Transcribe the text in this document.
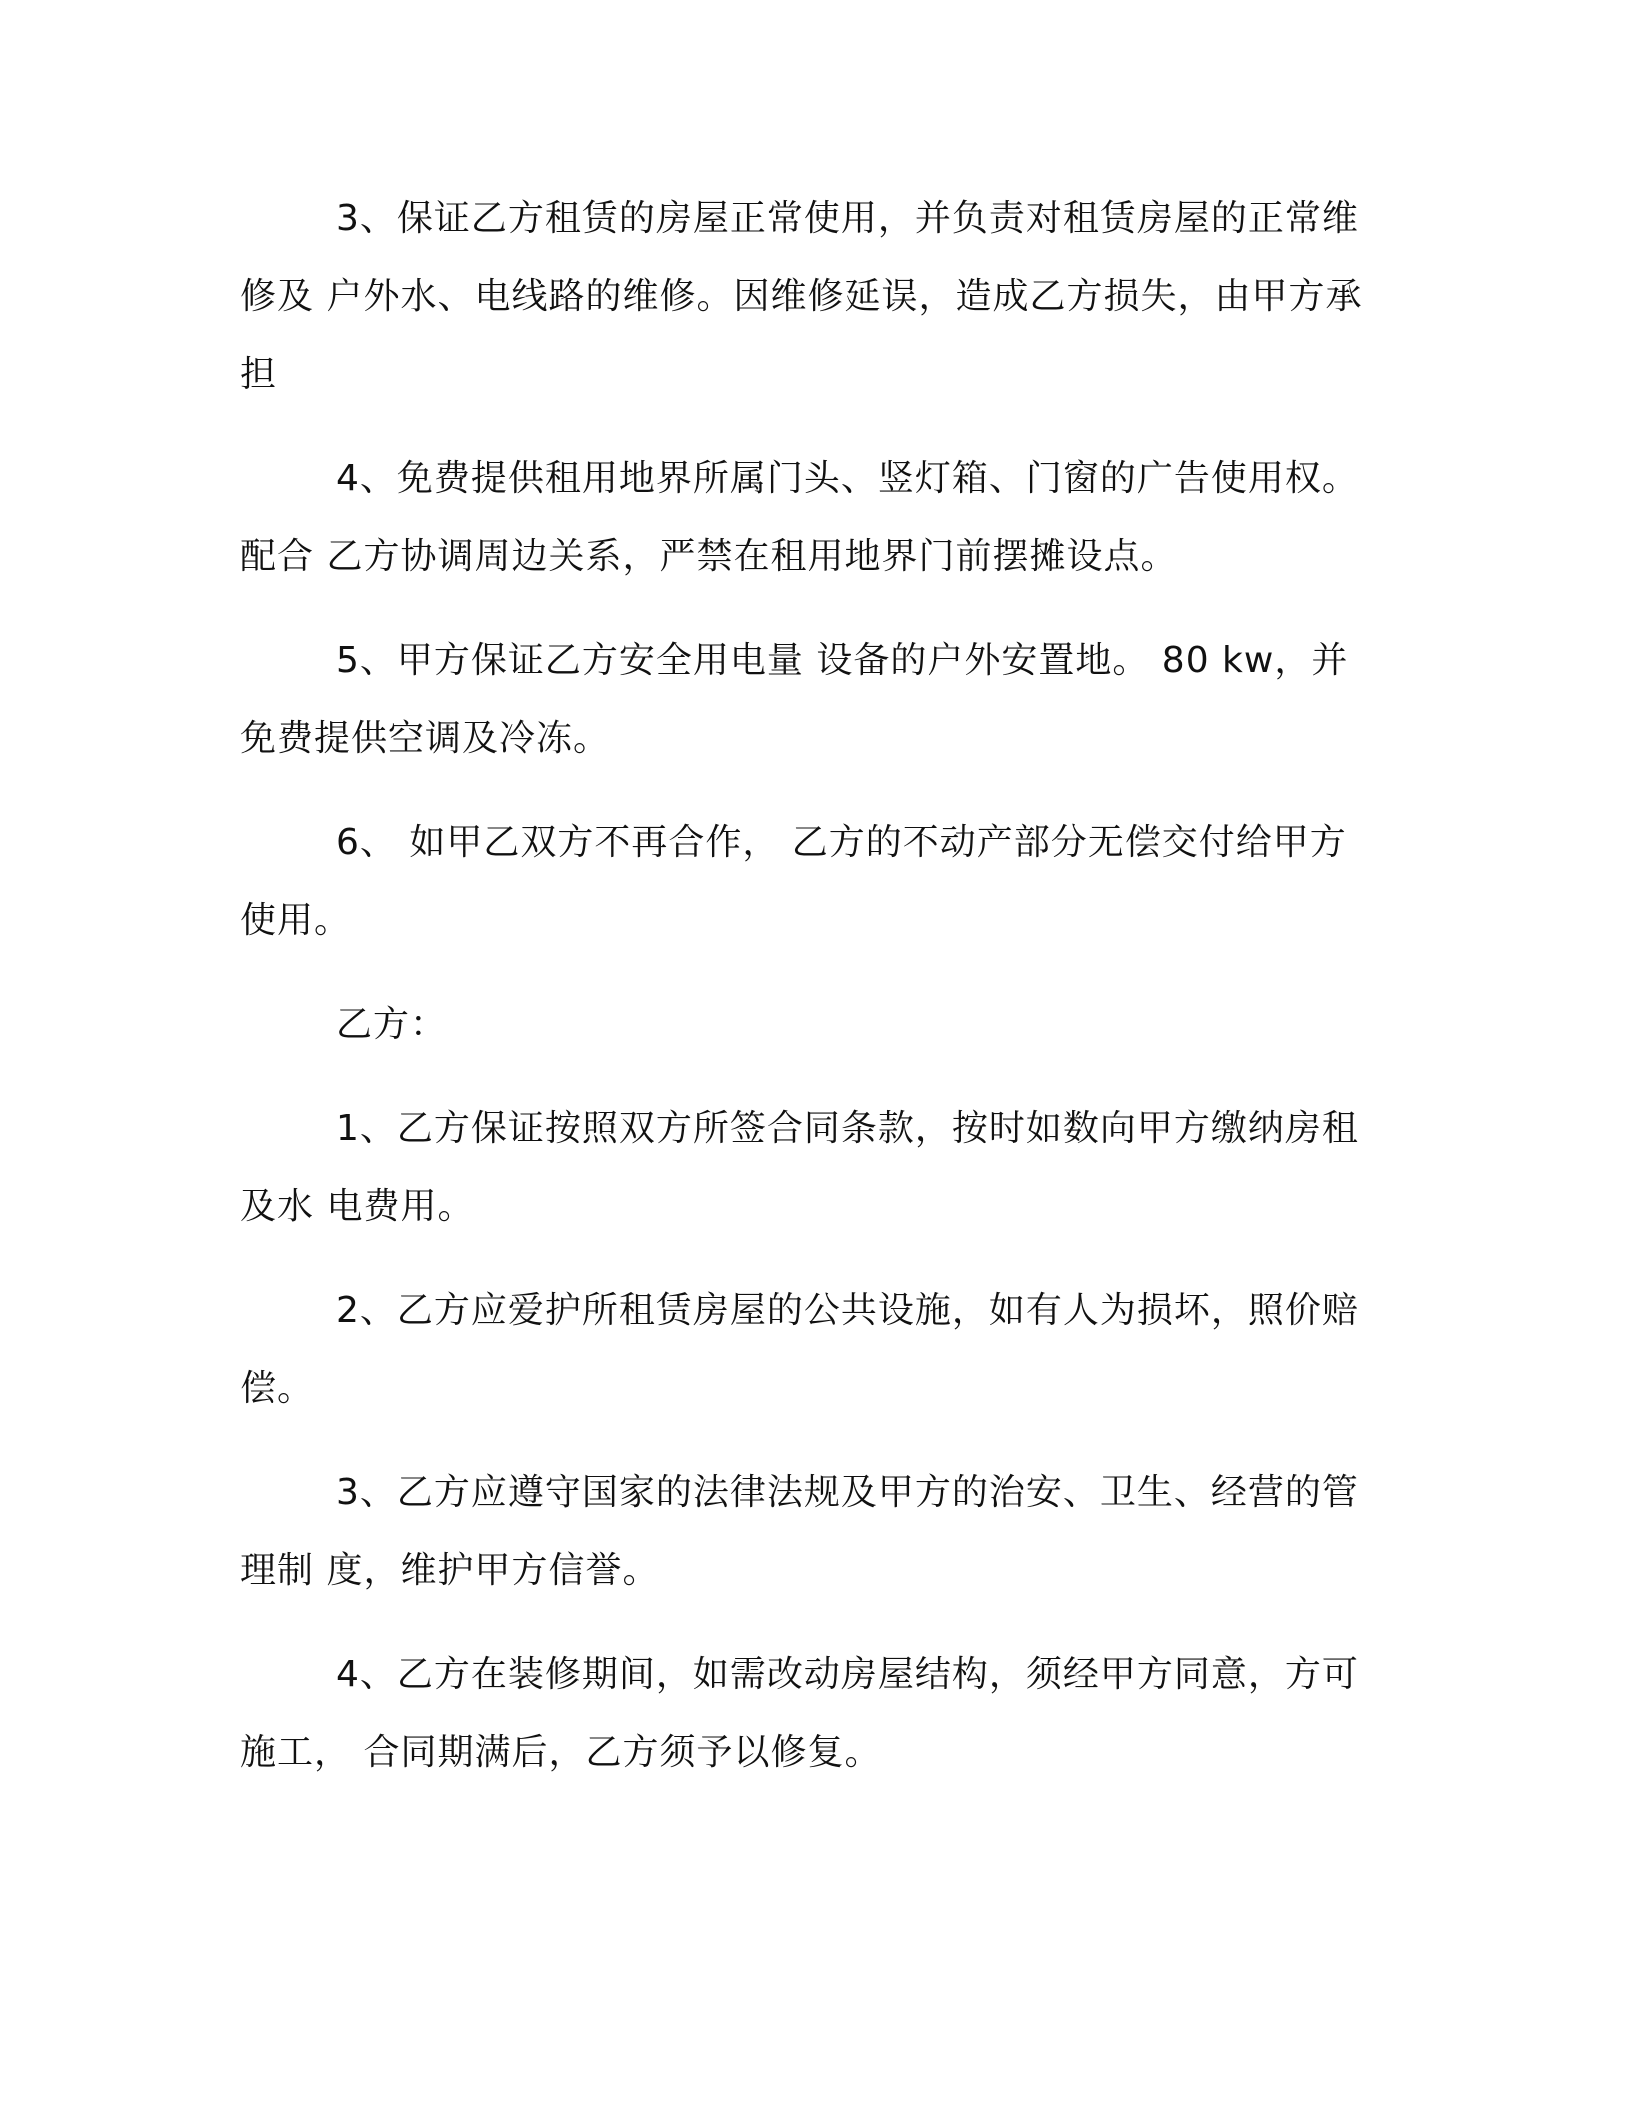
3、保证乙方租赁的房屋正常使用，并负责对租赁房屋的正常维修及 户外水、电线路的维修。因维修延误，造成乙方损失，由甲方承担

4、免费提供租用地界所属门头、竖灯箱、门窗的广告使用权。配合 乙方协调周边关系，严禁在租用地界门前摆摊设点。

5、甲方保证乙方安全用电量 设备的户外安置地。 80 kw，并免费提供空调及冷冻。

6、 如甲乙双方不再合作， 乙方的不动产部分无偿交付给甲方使用。

乙方：

1、乙方保证按照双方所签合同条款，按时如数向甲方缴纳房租及水 电费用。

2、乙方应爱护所租赁房屋的公共设施，如有人为损坏，照价赔偿。

3、乙方应遵守国家的法律法规及甲方的治安、卫生、经营的管理制 度，维护甲方信誉。

4、乙方在装修期间，如需改动房屋结构，须经甲方同意，方可施工， 合同期满后，乙方须予以修复。
